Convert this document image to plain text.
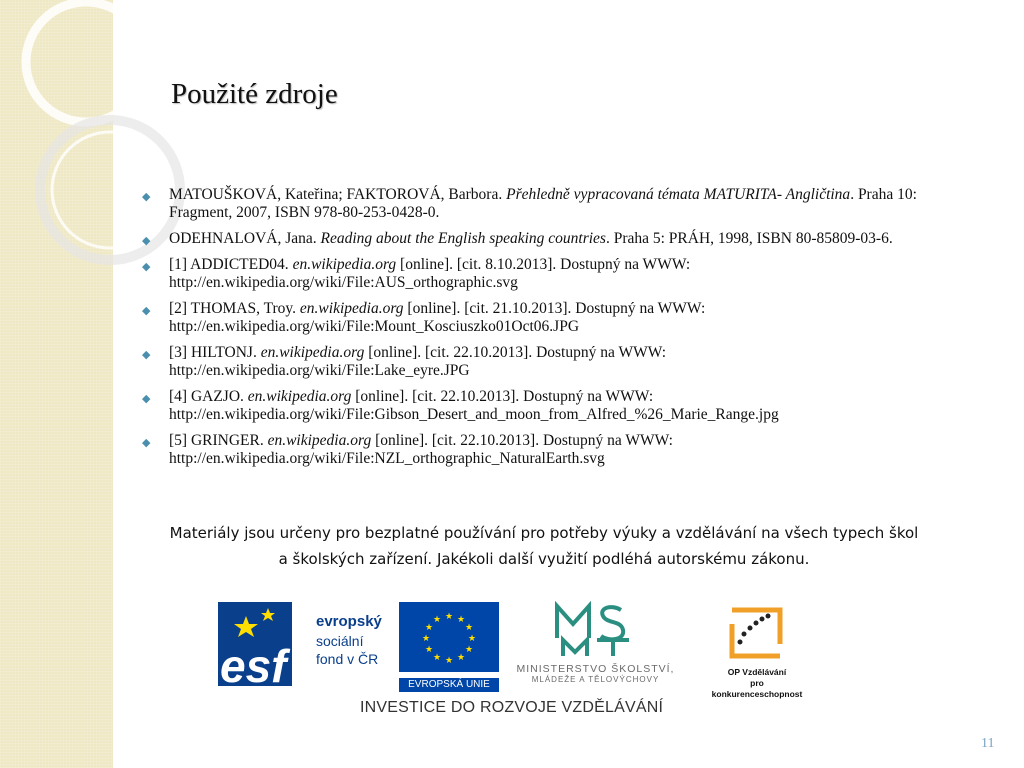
Použité zdroje
◆ MATOUŠKOVÁ, Kateřina; FAKTOROVÁ, Barbora. Přehledně vypracovaná témata MATURITA- Angličtina. Praha 10: Fragment, 2007, ISBN 978-80-253-0428-0.
◆ ODEHNALOVÁ, Jana. Reading about the English speaking countries. Praha 5: PRÁH, 1998, ISBN 80-85809-03-6.
◆ [1] ADDICTED04. en.wikipedia.org [online]. [cit. 8.10.2013]. Dostupný na WWW:
http://en.wikipedia.org/wiki/File:AUS_orthographic.svg
◆ [2] THOMAS, Troy. en.wikipedia.org [online]. [cit. 21.10.2013]. Dostupný na WWW:
http://en.wikipedia.org/wiki/File:Mount_Kosciuszko01Oct06.JPG
◆ [3] HILTONJ. en.wikipedia.org [online]. [cit. 22.10.2013]. Dostupný na WWW:
http://en.wikipedia.org/wiki/File:Lake_eyre.JPG
◆ [4] GAZJO. en.wikipedia.org [online]. [cit. 22.10.2013]. Dostupný na WWW:
http://en.wikipedia.org/wiki/File:Gibson_Desert_and_moon_from_Alfred_%26_Marie_Range.jpg
◆ [5] GRINGER. en.wikipedia.org [online]. [cit. 22.10.2013]. Dostupný na WWW:
http://en.wikipedia.org/wiki/File:NZL_orthographic_NaturalEarth.svg

Materiály jsou určeny pro bezplatné používání pro potřeby výuky a vzdělávání na všech typech škol
a školských zařízení. Jakékoli další využití podléhá autorskému zákonu.

esf
evropský
sociální
fond v ČR
★ ★
★
★
★
★
★
★
★
★
★
★
EVROPSKÁ UNIE
MINISTERSTVO ŠKOLSTVÍ,
MLÁDEŽE A TĚLOVÝCHOVY
OP Vzdělávání
pro konkurenceschopnost
INVESTICE DO ROZVOJE VZDĚLÁVÁNÍ
11
